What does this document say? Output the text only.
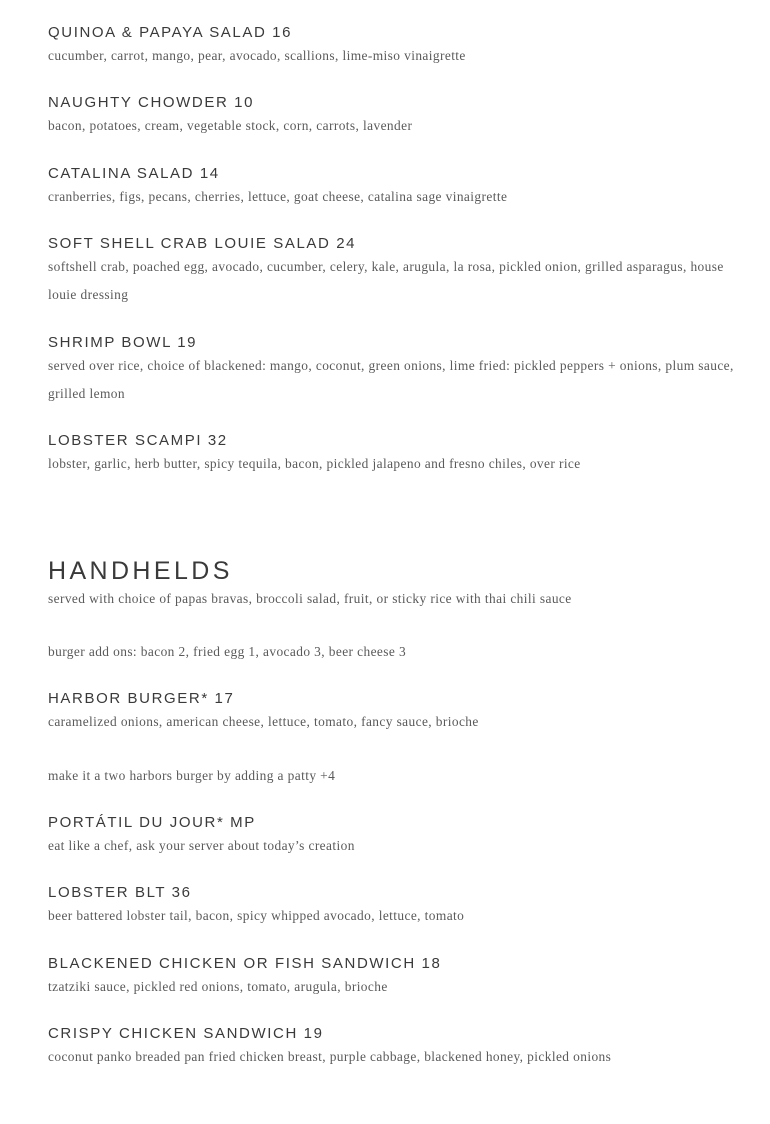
QUINOA & PAPAYA SALAD 16
cucumber, carrot, mango, pear, avocado, scallions, lime-miso vinaigrette
NAUGHTY CHOWDER 10
bacon, potatoes, cream, vegetable stock, corn, carrots, lavender
CATALINA SALAD 14
cranberries, figs, pecans, cherries, lettuce, goat cheese, catalina sage vinaigrette
SOFT SHELL CRAB LOUIE SALAD 24
softshell crab, poached egg, avocado, cucumber, celery, kale, arugula, la rosa, pickled onion, grilled asparagus, house louie dressing
SHRIMP BOWL 19
served over rice, choice of blackened: mango, coconut, green onions, lime fried: pickled peppers + onions, plum sauce, grilled lemon
LOBSTER SCAMPI 32
lobster, garlic, herb butter, spicy tequila, bacon, pickled jalapeno and fresno chiles, over rice
HANDHELDS
served with choice of papas bravas, broccoli salad, fruit, or sticky rice with thai chili sauce
burger add ons: bacon 2, fried egg 1, avocado 3, beer cheese 3
HARBOR BURGER* 17
caramelized onions, american cheese, lettuce, tomato, fancy sauce, brioche
make it a two harbors burger by adding a patty +4
PORTÁTIL DU JOUR* MP
eat like a chef, ask your server about today’s creation
LOBSTER BLT 36
beer battered lobster tail, bacon, spicy whipped avocado, lettuce, tomato
BLACKENED CHICKEN OR FISH SANDWICH 18
tzatziki sauce, pickled red onions, tomato, arugula, brioche
CRISPY CHICKEN SANDWICH 19
coconut panko breaded pan fried chicken breast, purple cabbage, blackened honey, pickled onions
